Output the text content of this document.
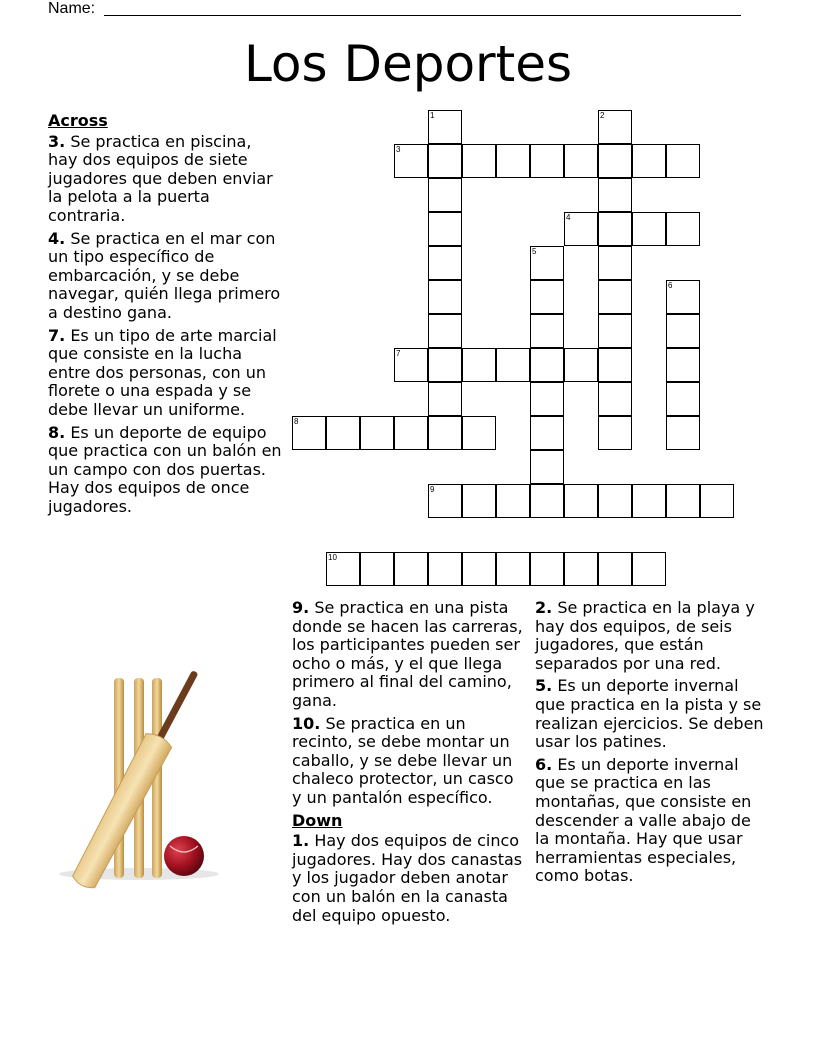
Name:
Los Deportes
Across
3. Se practica en piscina, hay dos equipos de siete jugadores que deben enviar la pelota a la puerta contraria.
4. Se practica en el mar con un tipo específico de embarcación, y se debe navegar, quién llega primero a destino gana.
7. Es un tipo de arte marcial que consiste en la lucha entre dos personas, con un florete o una espada y se debe llevar un uniforme.
8. Es un deporte de equipo que practica con un balón en un campo con dos puertas. Hay dos equipos de once jugadores.
9. Se practica en una pista donde se hacen las carreras, los participantes pueden ser ocho o más, y el que llega primero al final del camino, gana.
10. Se practica en un recinto, se debe montar un caballo, y se debe llevar un chaleco protector, un casco y un pantalón específico.
Down
1. Hay dos equipos de cinco jugadores. Hay dos canastas y los jugador deben anotar con un balón en la canasta del equipo opuesto.
2. Se practica en la playa y hay dos equipos, de seis jugadores, que están separados por una red.
5. Es un deporte invernal que practica en la pista y se realizan ejercicios. Se deben usar los patines.
6. Es un deporte invernal que se practica en las montañas, que consiste en descender a valle abajo de la montaña. Hay que usar herramientas especiales, como botas.
3
4
7
8
9
10
1	2
5
6
